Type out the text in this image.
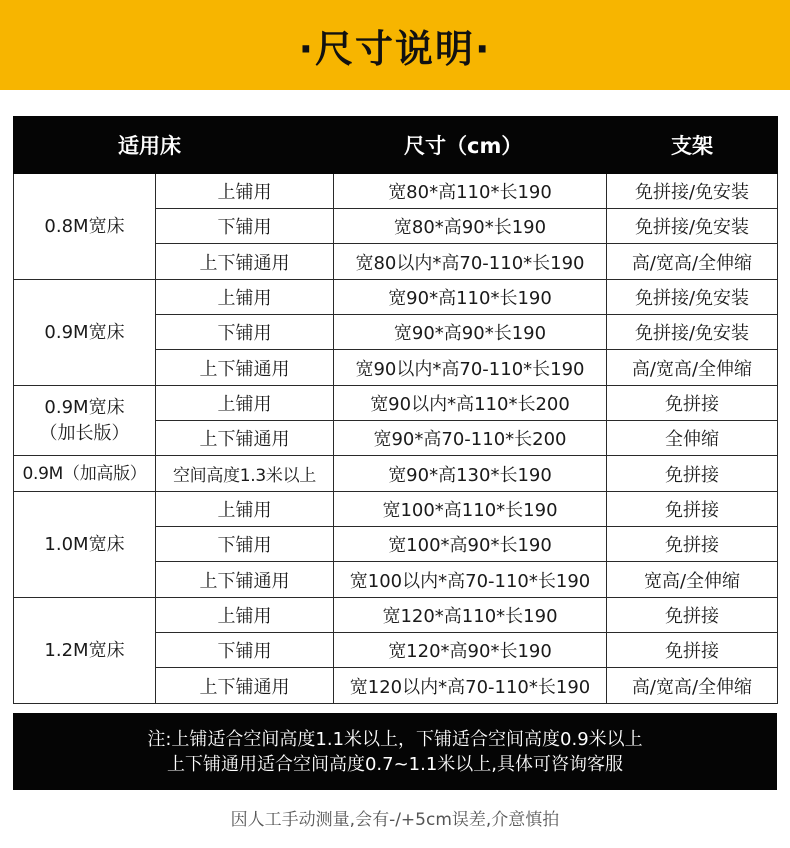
·尺寸说明·
适用床		尺寸（cm）	支架
0.8M宽床	上铺用	宽80*高110*长190	免拼接/免安装
	下铺用	宽80*高90*长190	免拼接/免安装
	上下铺通用	宽80以内*高70-110*长190	高/宽高/全伸缩
0.9M宽床	上铺用	宽90*高110*长190	免拼接/免安装
	下铺用	宽90*高90*长190	免拼接/免安装
	上下铺通用	宽90以内*高70-110*长190	高/宽高/全伸缩

0.9M宽床
（加长版）	上铺用	宽90以内*高110*长200	免拼接
	上下铺通用	宽90*高70-110*长200	全伸缩
0.9M（加高版）	空间高度1.3米以上	宽90*高130*长190	免拼接
1.0M宽床	上铺用	宽100*高110*长190	免拼接
	下铺用	宽100*高90*长190	免拼接
	上下铺通用	宽100以内*高70-110*长190	宽高/全伸缩
1.2M宽床	上铺用	宽120*高110*长190	免拼接
	下铺用	宽120*高90*长190	免拼接
	上下铺通用	宽120以内*高70-110*长190	高/宽高/全伸缩
注:上铺适合空间高度1.1米以上，下铺适合空间高度0.9米以上
上下铺通用适合空间高度0.7~1.1米以上,具体可咨询客服
因人工手动测量,会有-/+5cm误差,介意慎拍
